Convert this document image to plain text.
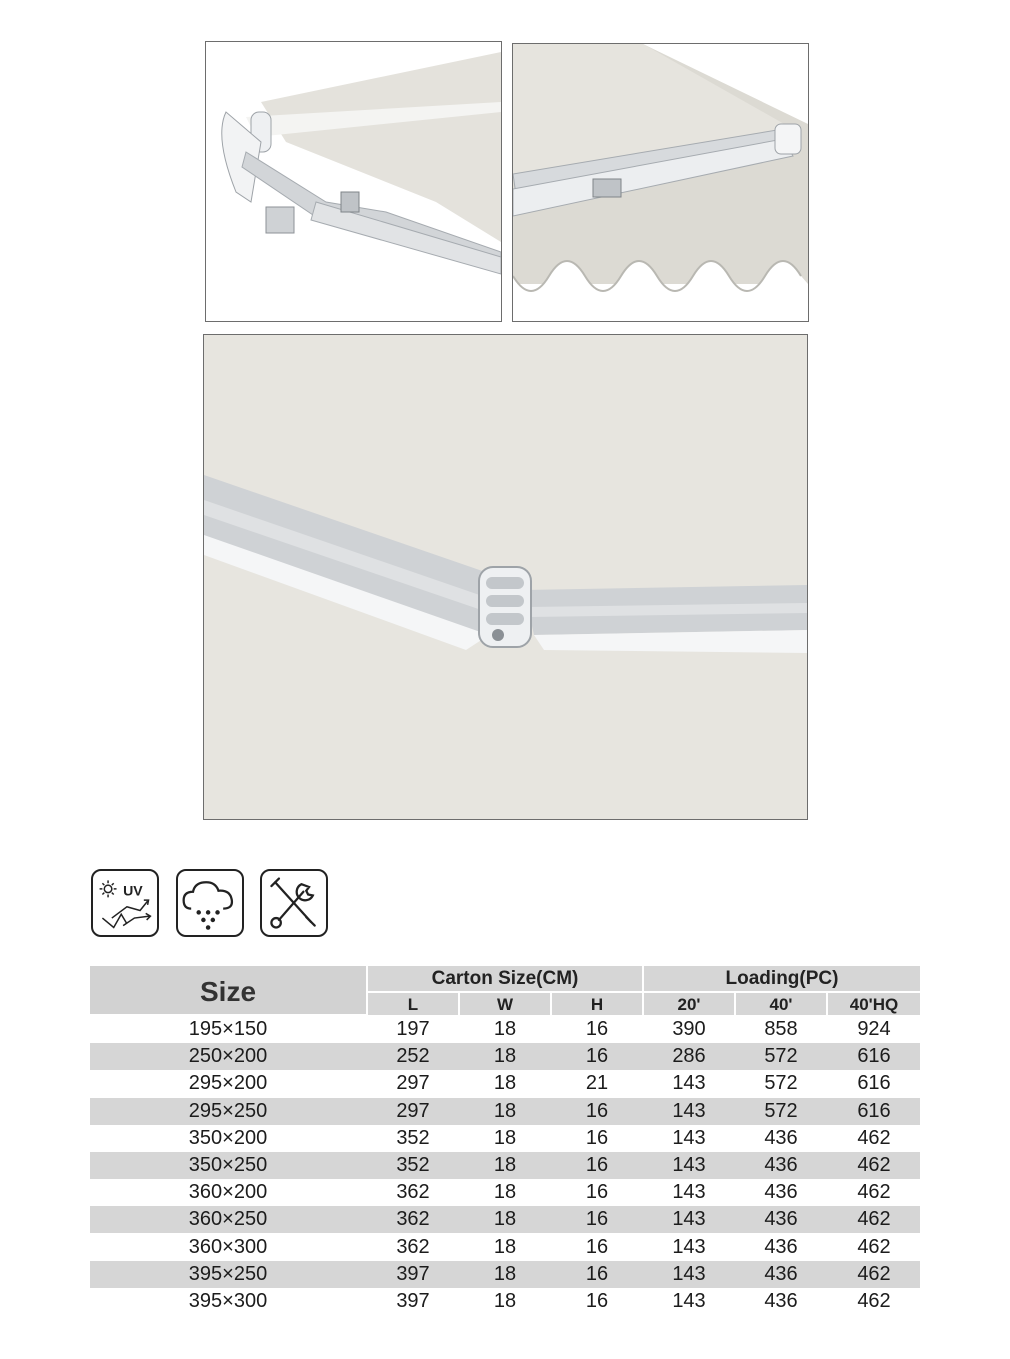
UV
Size	Carton Size(CM)	Loading(PC)
L	W	H	20'	40'	40'HQ
195×150	197	18	16	390	858	924
250×200	252	18	16	286	572	616
295×200	297	18	21	143	572	616
295×250	297	18	16	143	572	616
350×200	352	18	16	143	436	462
350×250	352	18	16	143	436	462
360×200	362	18	16	143	436	462
360×250	362	18	16	143	436	462
360×300	362	18	16	143	436	462
395×250	397	18	16	143	436	462
395×300	397	18	16	143	436	462
